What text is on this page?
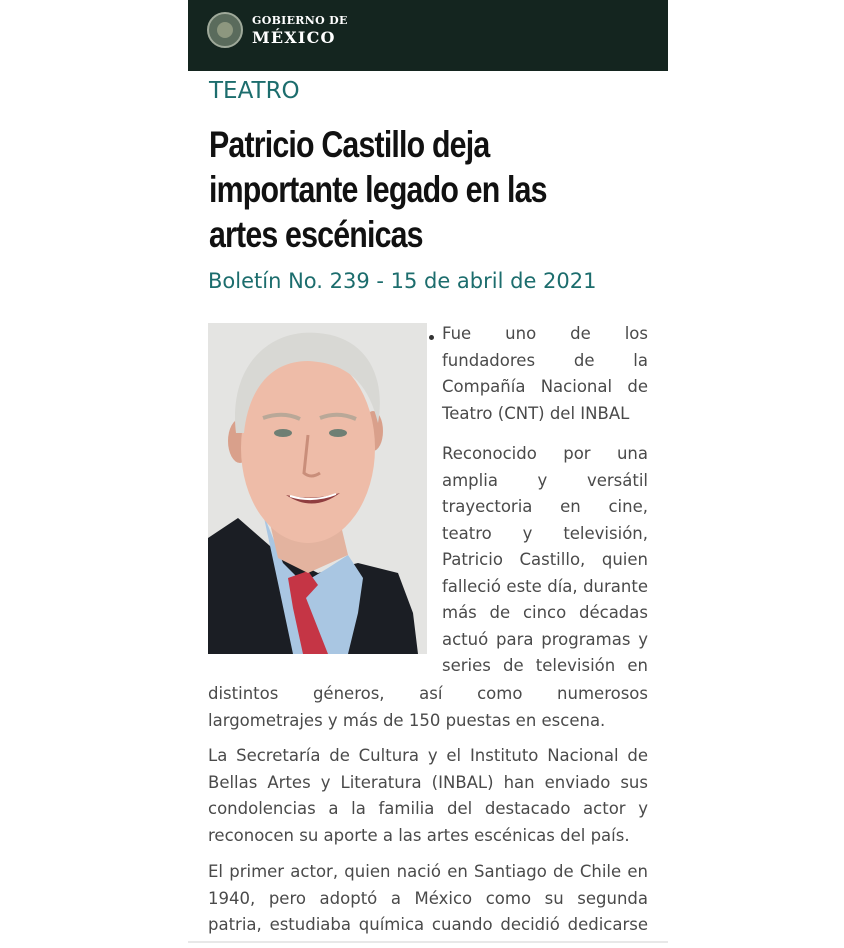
GOBIERNO DE
MÉXICO
TEATRO
Patricio Castillo deja importante legado en las artes escénicas
Boletín No. 239 - 15 de abril de 2021
Fue uno de los
fundadores de la
Compañía Nacional de
Teatro (CNT) del INBAL
Reconocido por una
amplia y versátil
trayectoria en cine,
teatro y televisión,
Patricio Castillo, quien
falleció este día, durante
más de cinco décadas
actuó para programas y
series de televisión en
distintos géneros, así como numerosos
largometrajes y más de 150 puestas en escena.
La Secretaría de Cultura y el Instituto Nacional de
Bellas Artes y Literatura (INBAL) han enviado sus
condolencias a la familia del destacado actor y
reconocen su aporte a las artes escénicas del país.
El primer actor, quien nació en Santiago de Chile en
1940, pero adoptó a México como su segunda
patria, estudiaba química cuando decidió dedicarse
